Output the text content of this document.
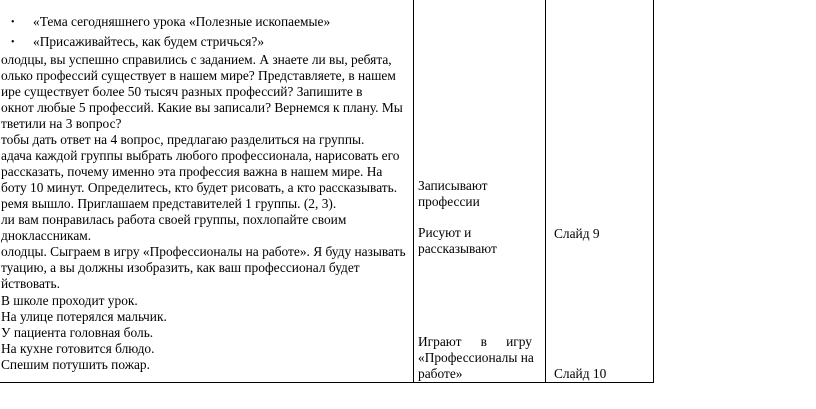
• «Тема сегодняшнего урока «Полезные ископаемые»
• «Присаживайтесь, как будем стричься?»
олодцы, вы успешно справились с заданием. А знаете ли вы, ребята,
олько профессий существует в нашем мире? Представляете, в нашем
ире существует более 50 тысяч разных профессий? Запишите в
окнот любые 5 профессий. Какие вы записали? Вернемся к плану. Мы
тветили на 3 вопрос?
тобы дать ответ на 4 вопрос, предлагаю разделиться на группы.
адача каждой группы выбрать любого профессионала, нарисовать его
рассказать, почему именно эта профессия важна в нашем мире. На
боту 10 минут. Определитесь, кто будет рисовать, а кто рассказывать.
ремя вышло. Приглашаем представителей 1 группы. (2, 3).
ли вам понравилась работа своей группы, похлопайте своим
дноклассникам.
олодцы. Сыграем в игру «Профессионалы на работе». Я буду называть
туацию, а вы должны изобразить, как ваш профессионал будет
йствовать.
В школе проходит урок.
На улице потерялся мальчик.
У пациента головная боль.
На кухне готовится блюдо.
Спешим потушить пожар.
Записывают
профессии
Рисуют и
рассказывают
Играют в игру
«Профессионалы на
работе»
Слайд 9
Слайд 10
